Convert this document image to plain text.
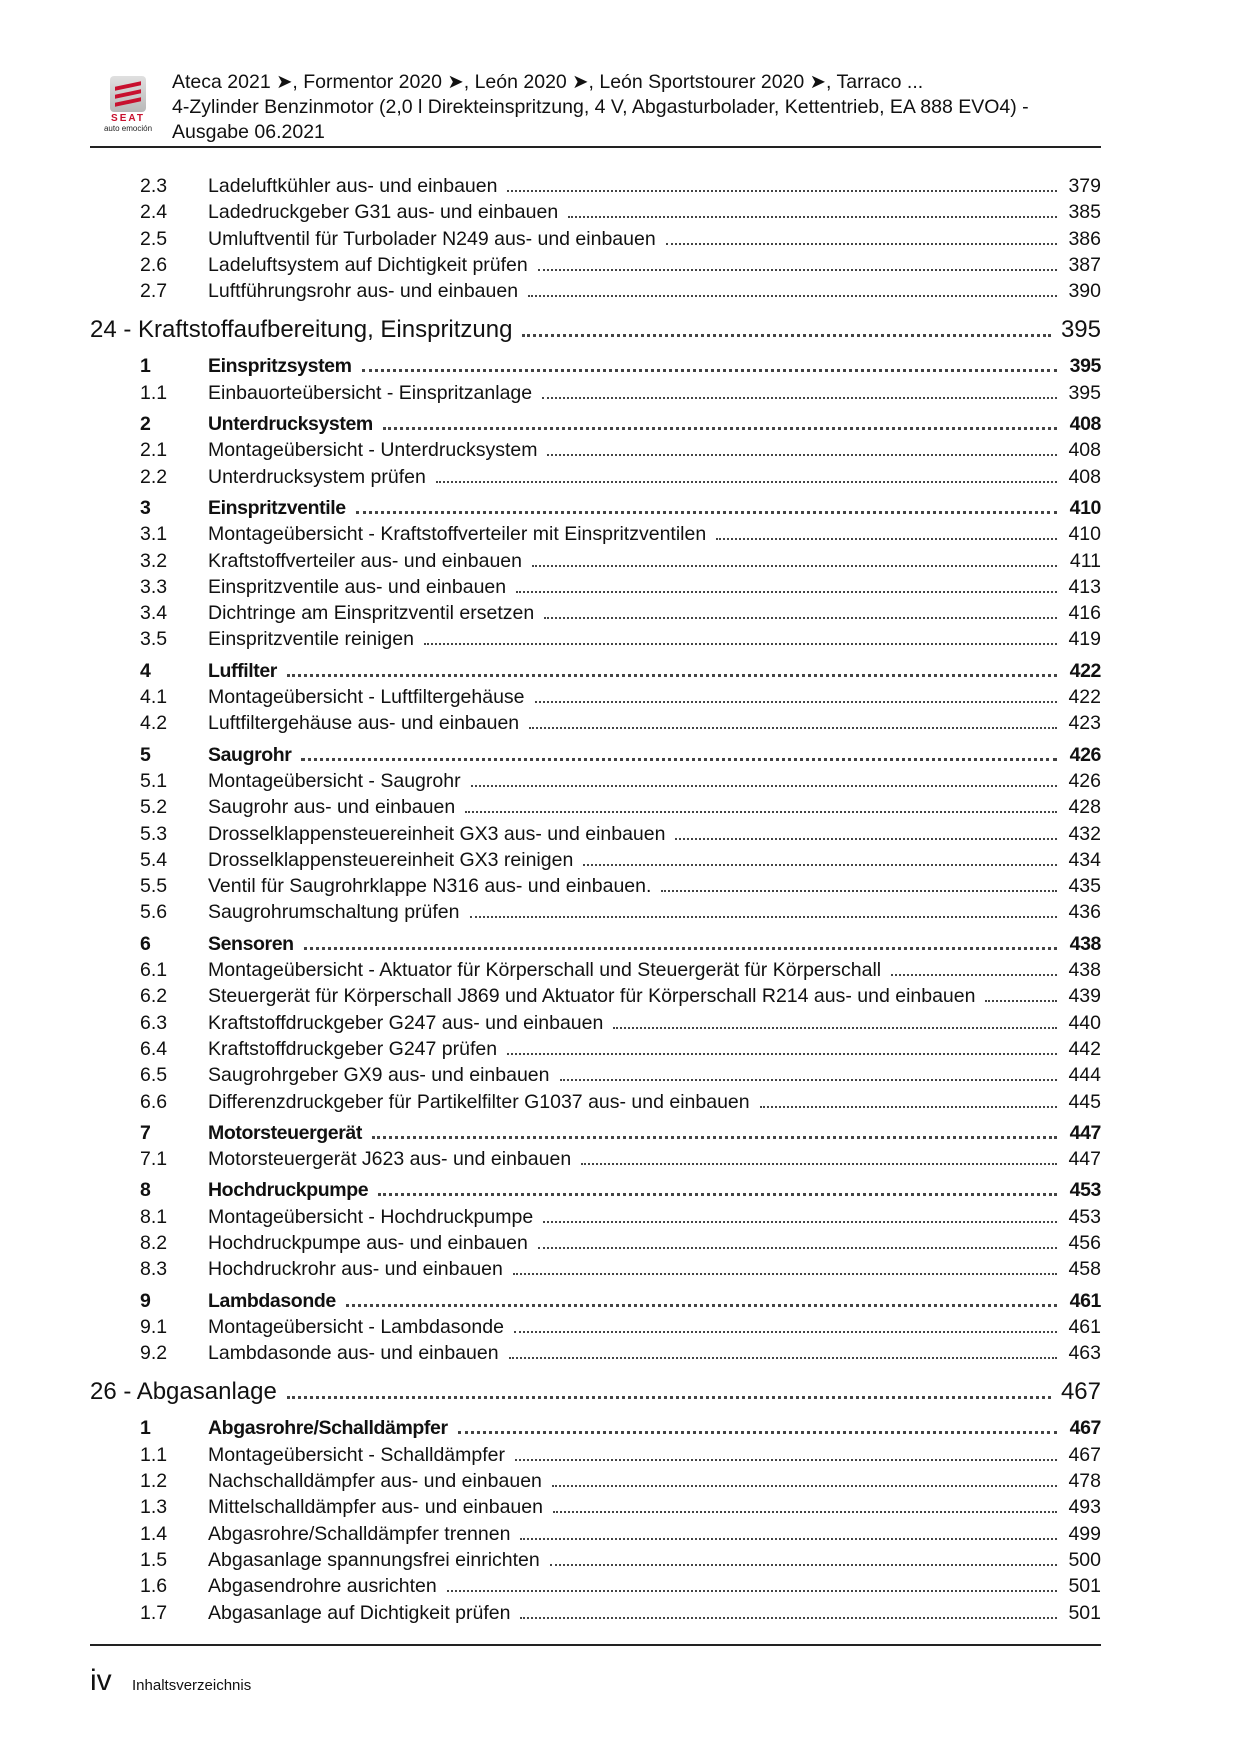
SEAT
auto emoción
Ateca 2021 ➤, Formentor 2020 ➤, León 2020 ➤, León Sportstourer 2020 ➤, Tarraco ...
4-Zylinder Benzinmotor (2,0 l Direkteinspritzung, 4 V, Abgasturbolader, Kettentrieb, EA 888 EVO4) -
Ausgabe 06.2021
2.3	Ladeluftkühler aus- und einbauen	379
2.4	Ladedruckgeber G31 aus- und einbauen	385
2.5	Umluftventil für Turbolader N249 aus- und einbauen	386
2.6	Ladeluftsystem auf Dichtigkeit prüfen	387
2.7	Luftführungsrohr aus- und einbauen	390
24 - Kraftstoffaufbereitung, Einspritzung	395
1	Einspritzsystem	395
1.1	Einbauorteübersicht - Einspritzanlage	395
2	Unterdrucksystem	408
2.1	Montageübersicht - Unterdrucksystem	408
2.2	Unterdrucksystem prüfen	408
3	Einspritzventile	410
3.1	Montageübersicht - Kraftstoffverteiler mit Einspritzventilen	410
3.2	Kraftstoffverteiler aus- und einbauen	411
3.3	Einspritzventile aus- und einbauen	413
3.4	Dichtringe am Einspritzventil ersetzen	416
3.5	Einspritzventile reinigen	419
4	Luffilter	422
4.1	Montageübersicht - Luftfiltergehäuse	422
4.2	Luftfiltergehäuse aus- und einbauen	423
5	Saugrohr	426
5.1	Montageübersicht - Saugrohr	426
5.2	Saugrohr aus- und einbauen	428
5.3	Drosselklappensteuereinheit GX3 aus- und einbauen	432
5.4	Drosselklappensteuereinheit GX3 reinigen	434
5.5	Ventil für Saugrohrklappe N316 aus- und einbauen.	435
5.6	Saugrohrumschaltung prüfen	436
6	Sensoren	438
6.1	Montageübersicht - Aktuator für Körperschall und Steuergerät für Körperschall	438
6.2	Steuergerät für Körperschall J869 und Aktuator für Körperschall R214 aus- und einbauen	439
6.3	Kraftstoffdruckgeber G247 aus- und einbauen	440
6.4	Kraftstoffdruckgeber G247 prüfen	442
6.5	Saugrohrgeber GX9 aus- und einbauen	444
6.6	Differenzdruckgeber für Partikelfilter G1037 aus- und einbauen	445
7	Motorsteuergerät	447
7.1	Motorsteuergerät J623 aus- und einbauen	447
8	Hochdruckpumpe	453
8.1	Montageübersicht - Hochdruckpumpe	453
8.2	Hochdruckpumpe aus- und einbauen	456
8.3	Hochdruckrohr aus- und einbauen	458
9	Lambdasonde	461
9.1	Montageübersicht - Lambdasonde	461
9.2	Lambdasonde aus- und einbauen	463
26 - Abgasanlage	467
1	Abgasrohre/Schalldämpfer	467
1.1	Montageübersicht - Schalldämpfer	467
1.2	Nachschalldämpfer aus- und einbauen	478
1.3	Mittelschalldämpfer aus- und einbauen	493
1.4	Abgasrohre/Schalldämpfer trennen	499
1.5	Abgasanlage spannungsfrei einrichten	500
1.6	Abgasendrohre ausrichten	501
1.7	Abgasanlage auf Dichtigkeit prüfen	501
iv Inhaltsverzeichnis
